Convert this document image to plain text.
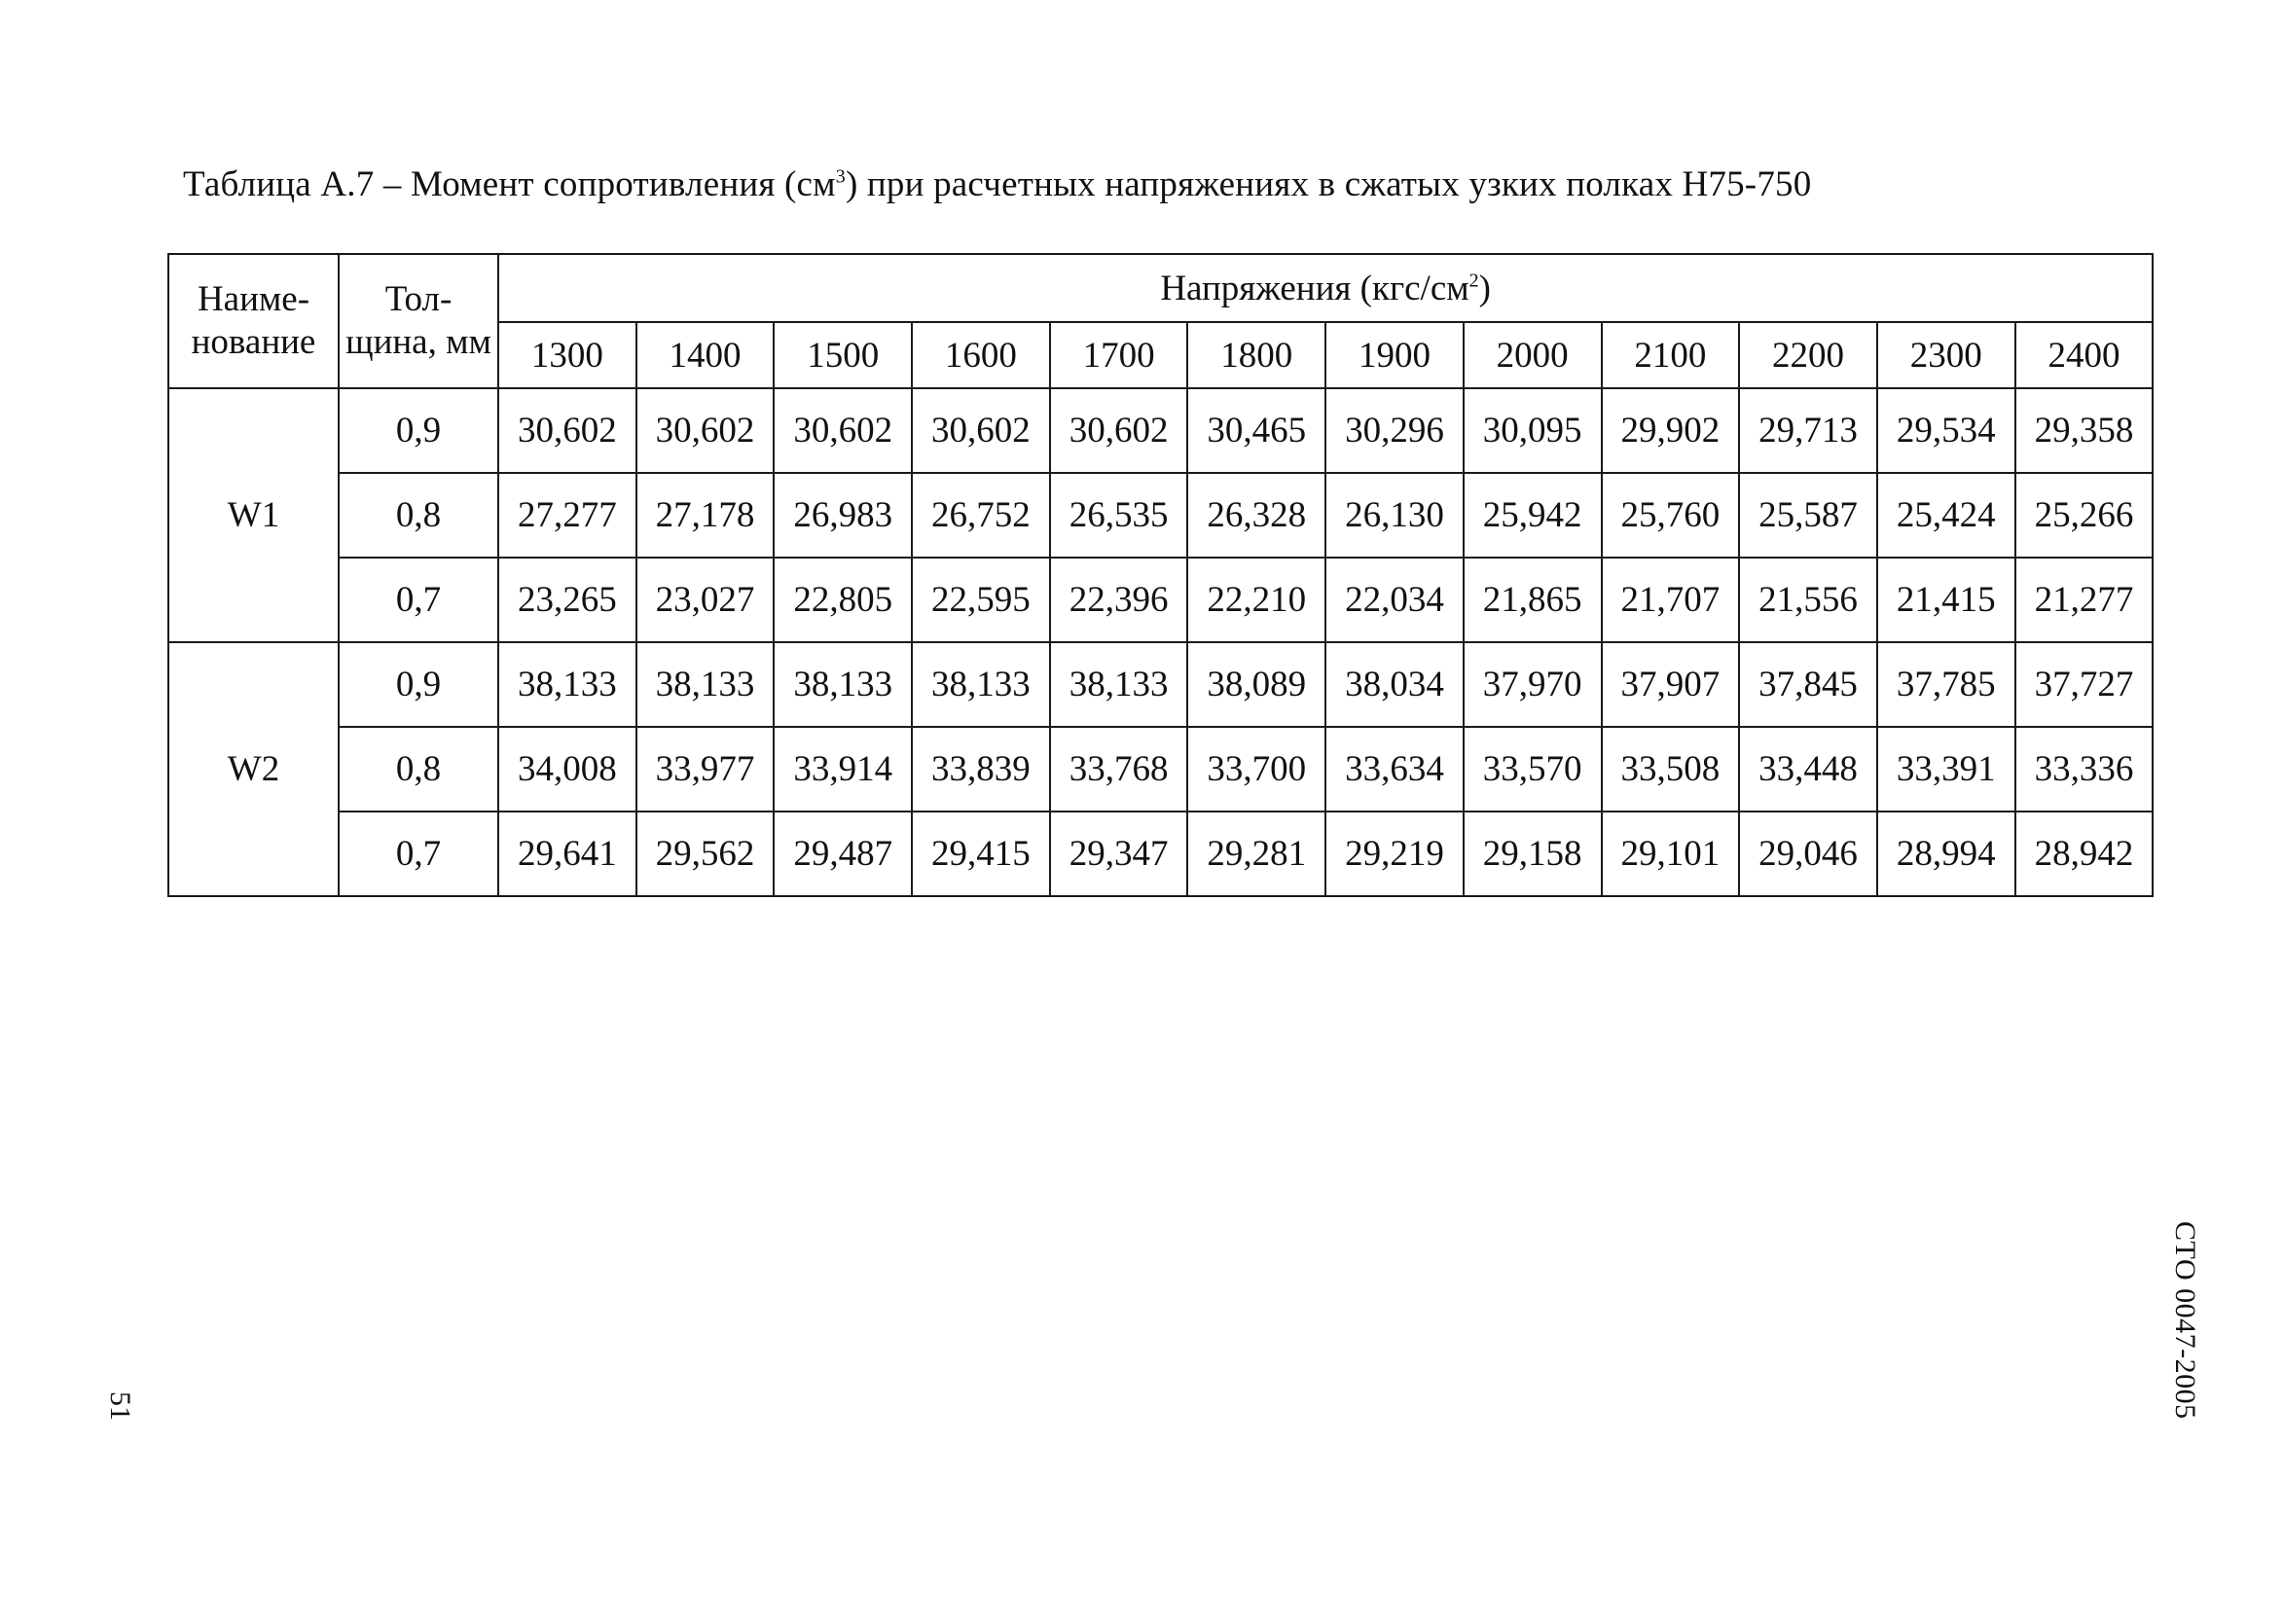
Таблица А.7 – Момент сопротивления $(см^3)$ при расчетных напряжениях в сжатых узких полках Н75-750
Наиме-нование	Тол-щина, мм	Напряжения $(кгс/см^2)$											
		1300	1400	1500	1600	1700	1800	1900	2000	2100	2200	2300	2400
W1	0,9	30,602	30,602	30,602	30,602	30,602	30,465	30,296	30,095	29,902	29,713	29,534	29,358
	0,8	27,277	27,178	26,983	26,752	26,535	26,328	26,130	25,942	25,760	25,587	25,424	25,266
	0,7	23,265	23,027	22,805	22,595	22,396	22,210	22,034	21,865	21,707	21,556	21,415	21,277
W2	0,9	38,133	38,133	38,133	38,133	38,133	38,089	38,034	37,970	37,907	37,845	37,785	37,727
	0,8	34,008	33,977	33,914	33,839	33,768	33,700	33,634	33,570	33,508	33,448	33,391	33,336
	0,7	29,641	29,562	29,487	29,415	29,347	29,281	29,219	29,158	29,101	29,046	28,994	28,942
51	СТО 0047-2005
